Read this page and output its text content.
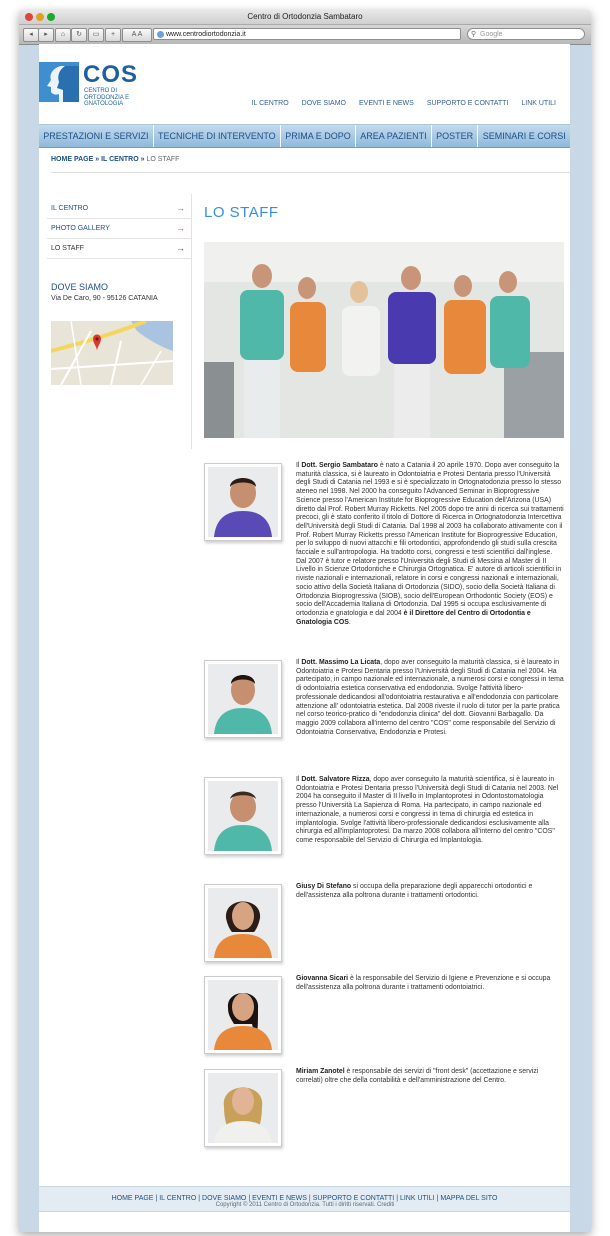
Centro di Ortodonzia Sambataro
◂	▸	⌂	↻	▭	+	A A	www.centrodiortodonzia.it	⚲ Google
COS
CENTRO DI ORTODONZIA E GNATOLOGIA	IL CENTRO DOVE SIAMO EVENTI E NEWS SUPPORTO E CONTATTI LINK UTILI
PRESTAZIONI E SERVIZI	TECNICHE DI INTERVENTO	PRIMA E DOPO	AREA PAZIENTI	POSTER	SEMINARI E CORSI
HOME PAGE » IL CENTRO » LO STAFF
IL CENTRO	→
PHOTO GALLERY	→
LO STAFF	→
DOVE SIAMO
Via De Caro, 90 - 95126 CATANIA
LO STAFF

Il Dott. Sergio Sambataro è nato a Catania il 20 aprile 1970. Dopo aver conseguito la maturità classica, si è laureato in Odontoiatria e Protesi Dentaria presso l'Università degli Studi di Catania nel 1993 e si è specializzato in Ortognatodonzia presso lo stesso ateneo nel 1998. Nel 2000 ha conseguito l'Advanced Seminar in Bioprogressive Science presso l'American Institute for Bioprogressive Education dell'Arizona (USA) diretto dal Prof. Robert Murray Ricketts. Nel 2005 dopo tre anni di ricerca sui trattamenti precoci, gli è stato conferito il titolo di Dottore di Ricerca in Ortognatodonzia Intercettiva dell'Università degli Studi di Catania. Dal 1998 al 2003 ha collaborato attivamente con il Prof. Robert Murray Ricketts presso l'American Institute for Bioprogressive Education, per lo sviluppo di nuovi attacchi e fili ortodontici, approfondendo gli studi sulla crescita facciale e sull'antropologia. Ha tradotto corsi, congressi e testi scientifici dall'inglese. Dal 2007 è tutor e relatore presso l'Università degli Studi di Messina al Master di II Livello in Scienze Ortodontiche e Chirurgia Ortognatica. E' autore di articoli scientifici in riviste nazionali e internazionali, relatore in corsi e congressi nazionali e internazionali, socio attivo della Società Italiana di Ortodonzia (SIDO), socio della Società Italiana di Ortodonzia Bioprogressiva (SIOB), socio dell'European Orthodontic Society (EOS) e socio dell'Accademia Italiana di Ortodonzia. Dal 1995 si occupa esclusivamente di ortodonzia e gnatologia e dal 2004 è il Direttore del Centro di Ortodontia e Gnatologia COS.

Il Dott. Massimo La Licata, dopo aver conseguito la maturità classica, si è laureato in Odontoiatria e Protesi Dentaria presso l'Università degli Studi di Catania nel 2004. Ha partecipato, in campo nazionale ed internazionale, a numerosi corsi e congressi in tema di odontoiatria estetica conservativa ed endodonzia. Svolge l'attività libero-professionale dedicandosi all'odontoiatria restaurativa e all'endodonzia con particolare attenzione all' odontoiatria estetica. Dal 2008 riveste il ruolo di tutor per la parte pratica nel corso teorico-pratico di "endodonzia clinica" del dott. Giovanni Barbagallo. Da maggio 2009 collabora all'interno del centro "COS" come responsabile del Servizio di Odontoiatria Conservativa, Endodonzia e Protesi.

Il Dott. Salvatore Rizza, dopo aver conseguito la maturità scientifica, si è laureato in Odontoiatria e Protesi Dentaria presso l'Università degli Studi di Catania nel 2003. Nel 2004 ha conseguito il Master di II livello in Implantoprotesi in Odontostomatologia presso l'Università La Sapienza di Roma. Ha partecipato, in campo nazionale ed internazionale, a numerosi corsi e congressi in tema di chirurgia ed estetica in implantologia. Svolge l'attività libero-professionale dedicandosi esclusivamente alla chirurgia ed all'implantoprotesi. Da marzo 2008 collabora all'interno del centro "COS" come responsabile del Servizio di Chirurgia ed Implantologia.

Giusy Di Stefano si occupa della preparazione degli apparecchi ortodontici e dell'assistenza alla poltrona durante i trattamenti ortodontici.

Giovanna Sicari è la responsabile del Servizio di Igiene e Prevenzione e si occupa dell'assistenza alla poltrona durante i trattamenti odontoiatrici.

Miriam Zanotel è responsabile dei servizi di "front desk" (accettazione e servizi correlati) oltre che della contabilità e dell'amministrazione del Centro.

HOME PAGE | IL CENTRO | DOVE SIAMO | EVENTI E NEWS | SUPPORTO E CONTATTI | LINK UTILI | MAPPA DEL SITO
Copyright © 2011 Centro di Ortodonzia. Tutti i diritti riservati. Crediti
